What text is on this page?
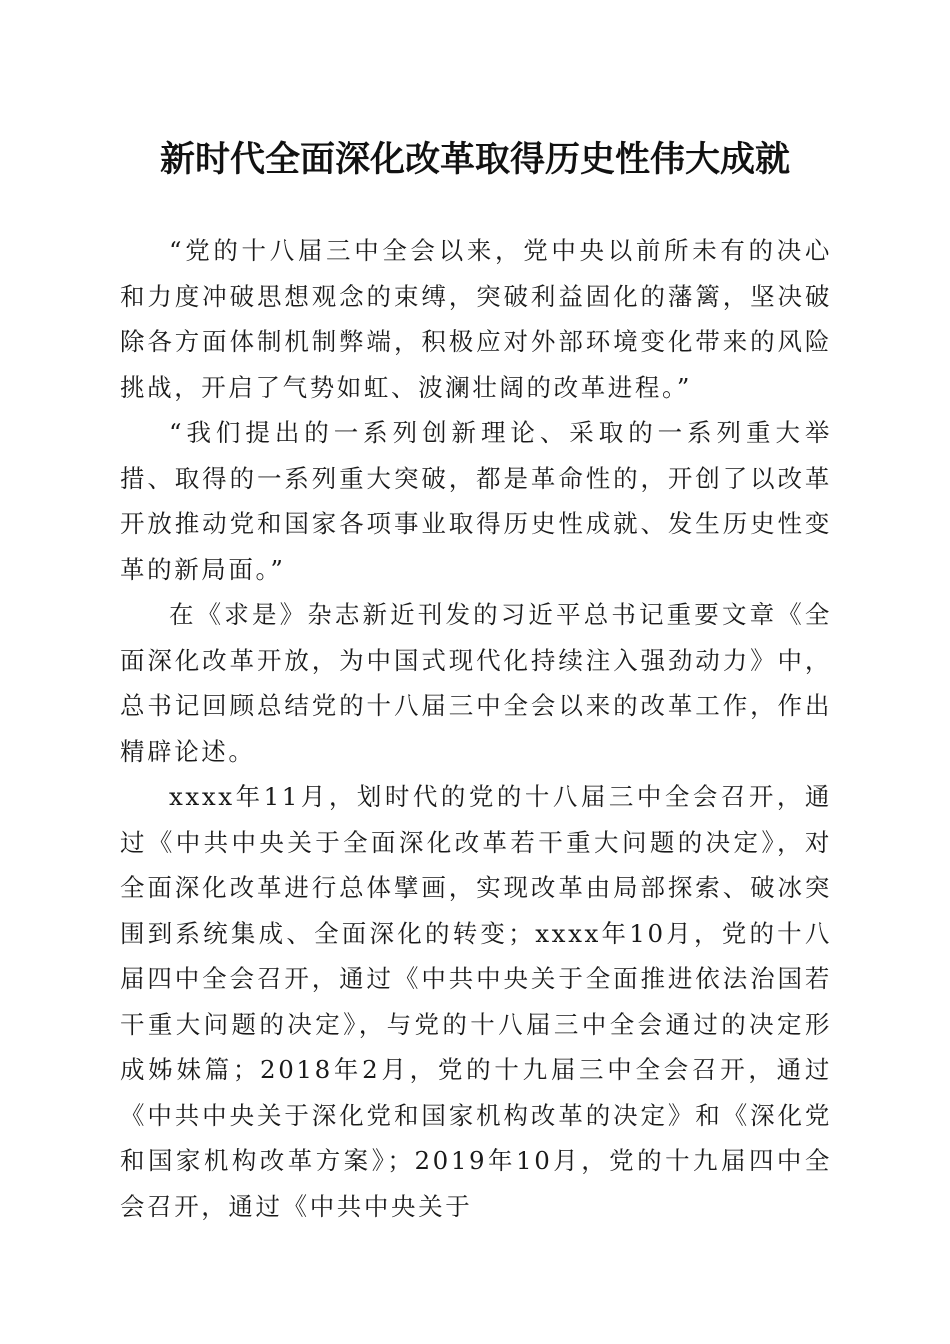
新时代全面深化改革取得历史性伟大成就

“党的十八届三中全会以来，党中央以前所未有的决心和力度冲破思想观念的束缚，突破利益固化的藩篱，坚决破除各方面体制机制弊端，积极应对外部环境变化带来的风险挑战，开启了气势如虹、波澜壮阔的改革进程。”

“我们提出的一系列创新理论、采取的一系列重大举措、取得的一系列重大突破，都是革命性的，开创了以改革开放推动党和国家各项事业取得历史性成就、发生历史性变革的新局面。”

在《求是》杂志新近刊发的习近平总书记重要文章《全面深化改革开放，为中国式现代化持续注入强劲动力》中，总书记回顾总结党的十八届三中全会以来的改革工作，作出精辟论述。

xxxx年11月，划时代的党的十八届三中全会召开，通过《中共中央关于全面深化改革若干重大问题的决定》，对全面深化改革进行总体擘画，实现改革由局部探索、破冰突围到系统集成、全面深化的转变；xxxx年10月，党的十八届四中全会召开，通过《中共中央关于全面推进依法治国若干重大问题的决定》，与党的十八届三中全会通过的决定形成姊妹篇；2018年2月，党的十九届三中全会召开，通过《中共中央关于深化党和国家机构改革的决定》和《深化党和国家机构改革方案》；2019年10月，党的十九届四中全会召开，通过《中共中央关于
